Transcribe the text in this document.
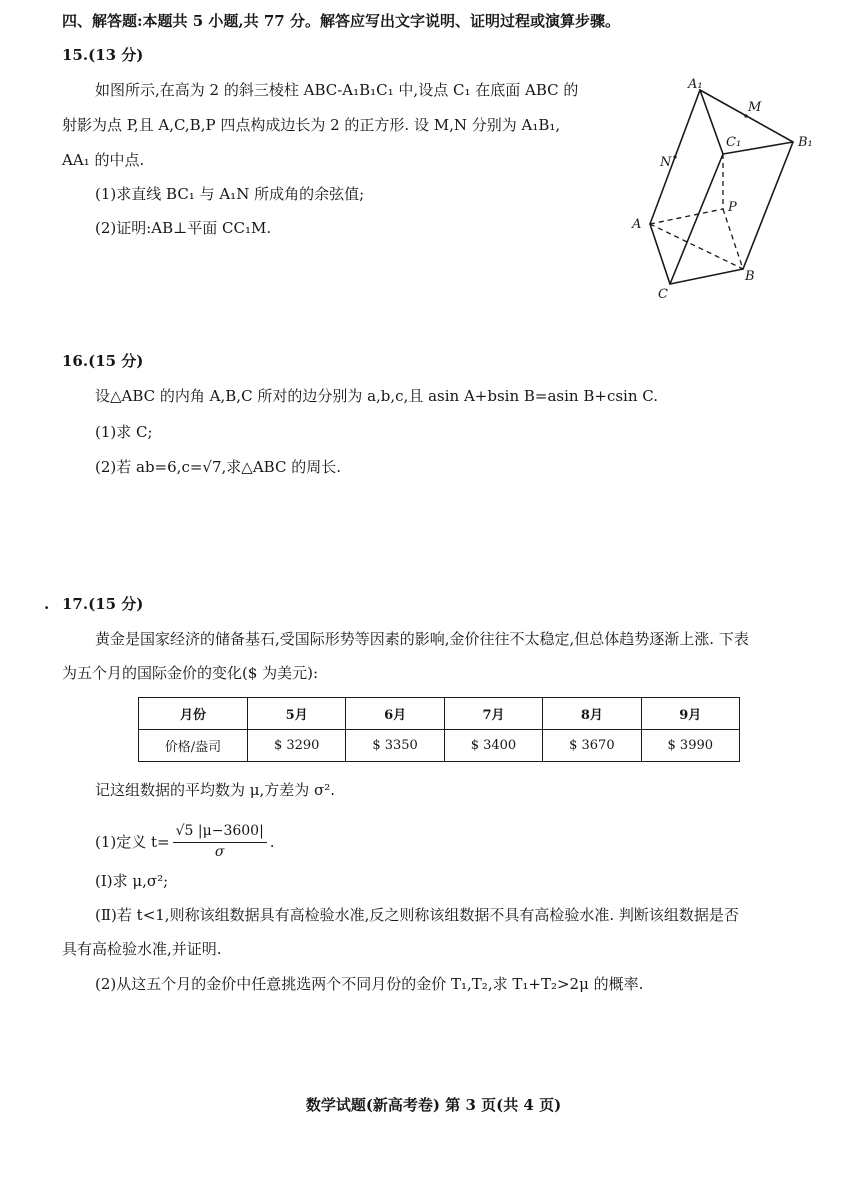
四、解答题:本题共 5 小题,共 77 分。解答应写出文字说明、证明过程或演算步骤。
15.(13 分)
如图所示,在高为 2 的斜三棱柱 ABC-A₁B₁C₁ 中,设点 C₁ 在底面 ABC 的
射影为点 P,且 A,C,B,P 四点构成边长为 2 的正方形. 设 M,N 分别为 A₁B₁,
AA₁ 的中点.
(1)求直线 BC₁ 与 A₁N 所成角的余弦值;
(2)证明:AB⊥平面 CC₁M.
A₁
M
C₁	B₁
N
P
A
B
C
16.(15 分)
设△ABC 的内角 A,B,C 所对的边分别为 a,b,c,且 asin A+bsin B=asin B+csin C.
(1)求 C;
(2)若 ab=6,c=√7,求△ABC 的周长.
. 17.(15 分)
黄金是国家经济的储备基石,受国际形势等因素的影响,金价往往不太稳定,但总体趋势逐渐上涨. 下表
为五个月的国际金价的变化($ 为美元):
月份	5月	6月	7月	8月	9月
价格/盎司	$ 3290	$ 3350	$ 3400	$ 3670	$ 3990
记这组数据的平均数为 μ,方差为 σ².
(1)定义 $t= \frac{√5 |\mu-3600|}{\sigma}$ .
(Ⅰ)求 μ,σ²;
(Ⅱ)若 t<1,则称该组数据具有高检验水准,反之则称该组数据不具有高检验水准. 判断该组数据是否
具有高检验水准,并证明.
(2)从这五个月的金价中任意挑选两个不同月份的金价 T₁,T₂,求 T₁+T₂>2μ 的概率.
数学试题(新高考卷) 第 3 页(共 4 页)
